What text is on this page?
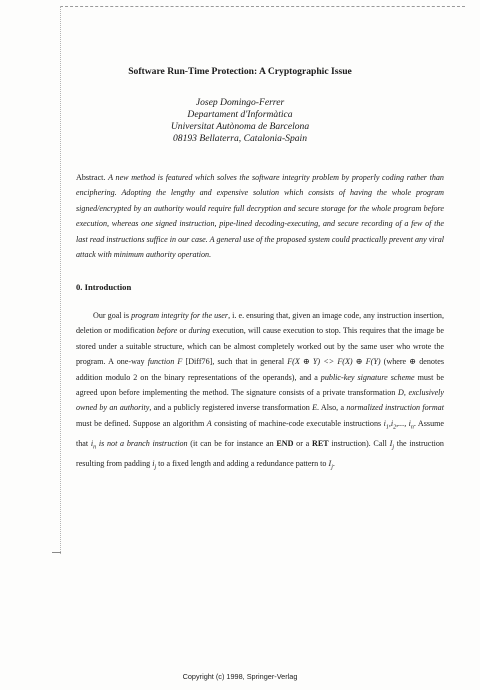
Software Run-Time Protection: A Cryptographic Issue
Josep Domingo-Ferrer
Departament d'Informàtica
Universitat Autònoma de Barcelona
08193 Bellaterra, Catalonia-Spain
Abstract. A new method is featured which solves the software integrity problem by properly coding rather than enciphering. Adopting the lengthy and expensive solution which consists of having the whole program signed/encrypted by an authority would require full decryption and secure storage for the whole program before execution, whereas one signed instruction, pipe-lined decoding-executing, and secure recording of a few of the last read instructions suffice in our case. A general use of the proposed system could practically prevent any viral attack with minimum authority operation.
0. Introduction
Our goal is program integrity for the user, i. e. ensuring that, given an image code, any instruction insertion, deletion or modification before or during execution, will cause execution to stop. This requires that the image be stored under a suitable structure, which can be almost completely worked out by the same user who wrote the program. A one-way function F [Diff76], such that in general F(X ⊕ Y) <> F(X) ⊕ F(Y) (where ⊕ denotes addition modulo 2 on the binary representations of the operands), and a public-key signature scheme must be agreed upon before implementing the method. The signature consists of a private transformation D, exclusively owned by an authority, and a publicly registered inverse transformation E. Also, a normalized instruction format must be defined. Suppose an algorithm A consisting of machine-code executable instructions $i_1,i_2$,..., $i_n$. Assume that $i_n$ is not a branch instruction (it can be for instance an END or a RET instruction). Call $I_j$ the instruction resulting from padding $i_j$ to a fixed length and adding a redundance pattern to $I_j$.
Copyright (c) 1998, Springer-Verlag
